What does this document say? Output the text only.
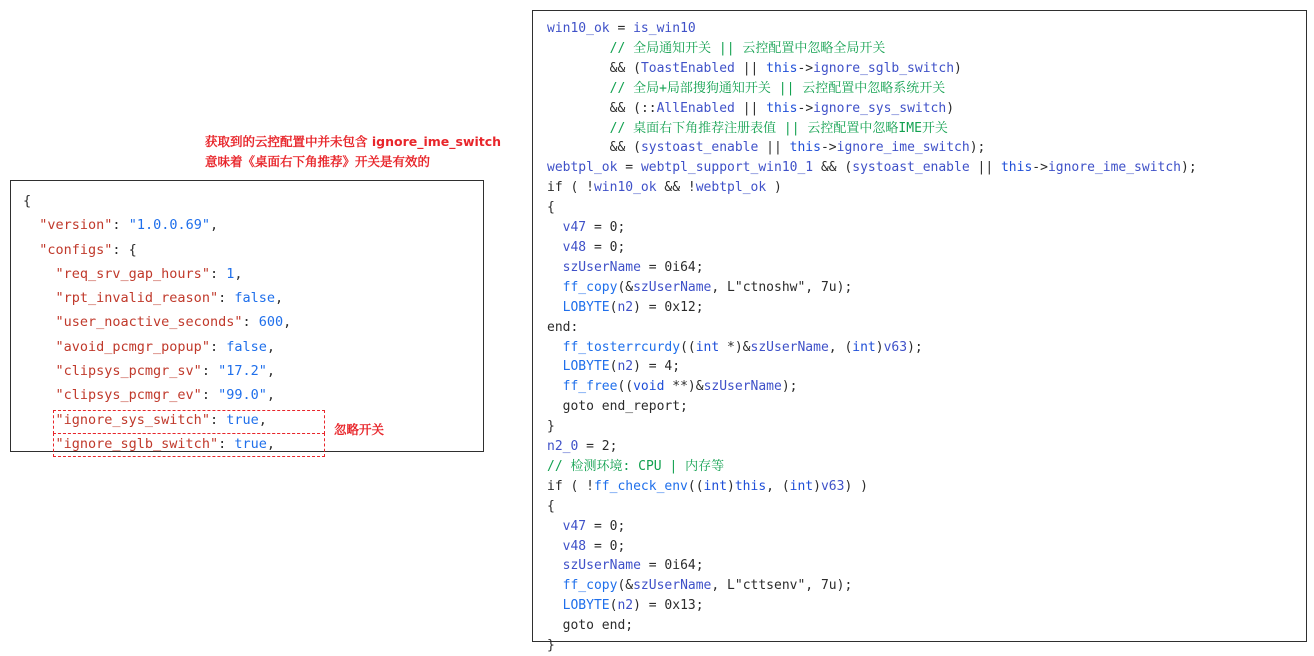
获取到的云控配置中并未包含 ignore_ime_switch
意味着《桌面右下角推荐》开关是有效的
{
"version": "1.0.0.69",
"configs": {
"req_srv_gap_hours": 1,
"rpt_invalid_reason": false,
"user_noactive_seconds": 600,
"avoid_pcmgr_popup": false,
"clipsys_pcmgr_sv": "17.2",
"clipsys_pcmgr_ev": "99.0",
"ignore_sys_switch": true,
"ignore_sglb_switch": true,
忽略开关
win10_ok = is_win10
// 全局通知开关 || 云控配置中忽略全局开关
&& (ToastEnabled || this->ignore_sglb_switch)
// 全局+局部搜狗通知开关 || 云控配置中忽略系统开关
&& (::AllEnabled || this->ignore_sys_switch)
// 桌面右下角推荐注册表值 || 云控配置中忽略IME开关
&& (systoast_enable || this->ignore_ime_switch);
webtpl_ok = webtpl_support_win10_1 && (systoast_enable || this->ignore_ime_switch);
if ( !win10_ok && !webtpl_ok )
{
v47 = 0;
v48 = 0;
szUserName = 0i64;
ff_copy(&szUserName, L"ctnoshw", 7u);
LOBYTE(n2) = 0x12;
end:
ff_tosterrcurdy((int *)&szUserName, (int)v63);
LOBYTE(n2) = 4;
ff_free((void **)&szUserName);
goto end_report;
}
n2_0 = 2;
// 检测环境: CPU | 内存等
if ( !ff_check_env((int)this, (int)v63) )
{
v47 = 0;
v48 = 0;
szUserName = 0i64;
ff_copy(&szUserName, L"cttsenv", 7u);
LOBYTE(n2) = 0x13;
goto end;
}
